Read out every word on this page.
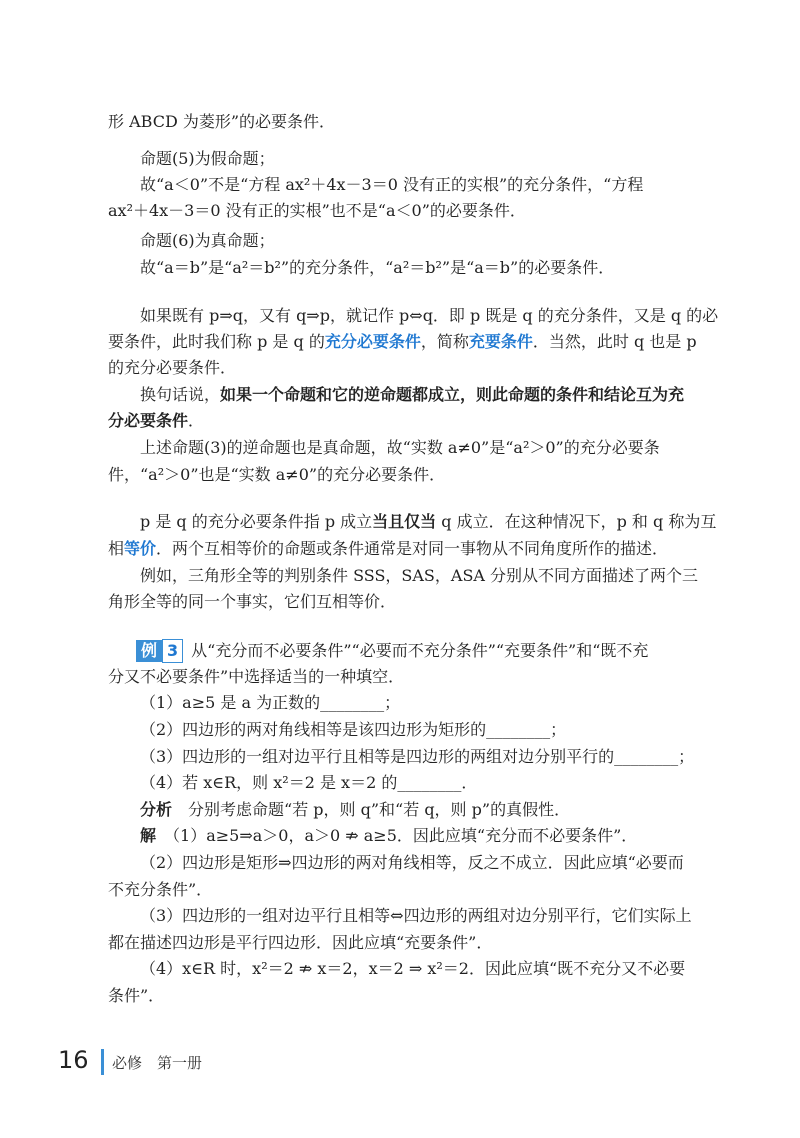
形 ABCD 为菱形”的必要条件．
命题(5)为假命题；
故“a＜0”不是“方程 ax²＋4x－3＝0 没有正的实根”的充分条件，“方程
ax²＋4x－3＝0 没有正的实根”也不是“a＜0”的必要条件．
命题(6)为真命题；
故“a＝b”是“a²＝b²”的充分条件，“a²＝b²”是“a＝b”的必要条件．
如果既有 p⇒q，又有 q⇒p，就记作 p⇔q．即 p 既是 q 的充分条件，又是 q 的必
要条件，此时我们称 p 是 q 的充分必要条件，简称充要条件．当然，此时 q 也是 p
的充分必要条件．
换句话说，如果一个命题和它的逆命题都成立，则此命题的条件和结论互为充
分必要条件．
上述命题(3)的逆命题也是真命题，故“实数 a≠0”是“a²＞0”的充分必要条
件，“a²＞0”也是“实数 a≠0”的充分必要条件．
p 是 q 的充分必要条件指 p 成立当且仅当 q 成立．在这种情况下，p 和 q 称为互
相等价．两个互相等价的命题或条件通常是对同一事物从不同角度所作的描述．
例如，三角形全等的判别条件 SSS，SAS，ASA 分别从不同方面描述了两个三
角形全等的同一个事实，它们互相等价．
例 3 从“充分而不必要条件”“必要而不充分条件”“充要条件”和“既不充
分又不必要条件”中选择适当的一种填空．
（1）a≥5 是 a 为正数的________；
（2）四边形的两对角线相等是该四边形为矩形的________；
（3）四边形的一组对边平行且相等是四边形的两组对边分别平行的________；
（4）若 x∈R，则 x²＝2 是 x＝2 的________．
分析　 分别考虑命题“若 p，则 q”和“若 q，则 p”的真假性．
解　 （1）a≥5⇒a＞0，a＞0 ⇏ a≥5．因此应填“充分而不必要条件”．
（2）四边形是矩形⇒四边形的两对角线相等，反之不成立．因此应填“必要而
不充分条件”．
（3）四边形的一组对边平行且相等⇔四边形的两组对边分别平行，它们实际上
都在描述四边形是平行四边形．因此应填“充要条件”．
（4）x∈R 时，x²＝2 ⇏ x＝2，x＝2 ⇒ x²＝2．因此应填“既不充分又不必要
条件”．
16 必修　第一册
